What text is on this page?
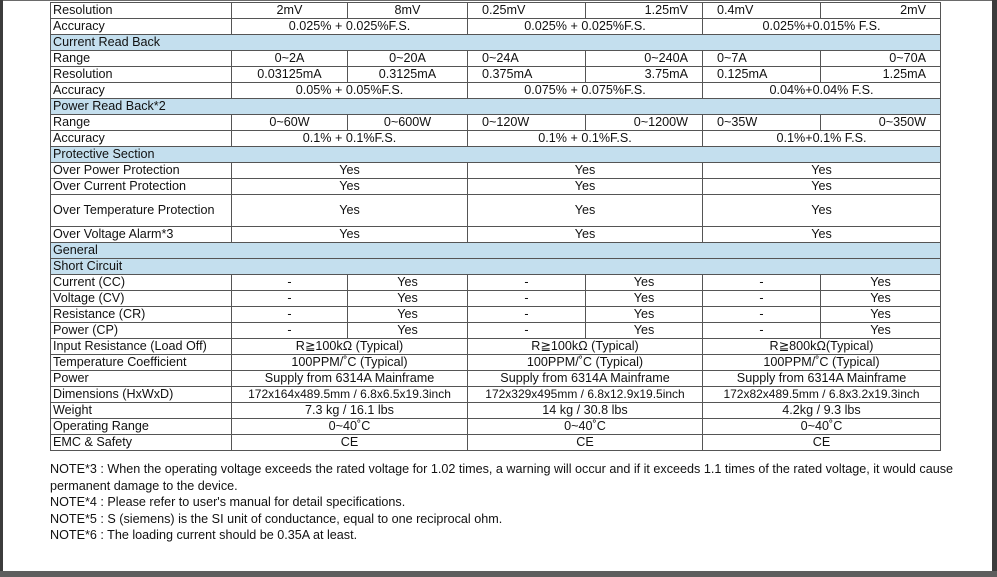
Resolution	2mV	8mV	0.25mV	1.25mV	0.4mV	2mV
Accuracy	0.025% + 0.025%F.S.		0.025% + 0.025%F.S.		0.025%+0.015% F.S.	
Current Read Back						
Range	0~2A	0~20A	0~24A	0~240A	0~7A	0~70A
Resolution	0.03125mA	0.3125mA	0.375mA	3.75mA	0.125mA	1.25mA
Accuracy	0.05% + 0.05%F.S.		0.075% + 0.075%F.S.		0.04%+0.04% F.S.	
Power Read Back*2						
Range	0~60W	0~600W	0~120W	0~1200W	0~35W	0~350W
Accuracy	0.1% + 0.1%F.S.		0.1% + 0.1%F.S.		0.1%+0.1% F.S.	
Protective Section						
Over Power Protection	Yes		Yes		Yes	
Over Current Protection	Yes		Yes		Yes	
Over Temperature Protection	Yes		Yes		Yes	
Over Voltage Alarm*3	Yes		Yes		Yes	
General						
Short Circuit						
Current (CC)	-	Yes	-	Yes	-	Yes
Voltage (CV)	-	Yes	-	Yes	-	Yes
Resistance (CR)	-	Yes	-	Yes	-	Yes
Power (CP)	-	Yes	-	Yes	-	Yes
Input Resistance (Load Off)	R≧100kΩ (Typical)		R≧100kΩ (Typical)		R≧800kΩ(Typical)	
Temperature Coefficient	100PPM/˚C (Typical)		100PPM/˚C (Typical)		100PPM/˚C (Typical)	
Power	Supply from 6314A Mainframe		Supply from 6314A Mainframe		Supply from 6314A Mainframe	
Dimensions (HxWxD)	172x164x489.5mm / 6.8x6.5x19.3inch		172x329x495mm / 6.8x12.9x19.5inch		172x82x489.5mm / 6.8x3.2x19.3inch	
Weight	7.3 kg / 16.1 lbs		14 kg / 30.8 lbs		4.2kg / 9.3 lbs	
Operating Range	0~40˚C		0~40˚C		0~40˚C	
EMC & Safety	CE		CE		CE	
NOTE*3 : When the operating voltage exceeds the rated voltage for 1.02 times, a warning will occur and if it exceeds 1.1 times of the rated voltage, it would cause permanent damage to the device.
NOTE*4 : Please refer to user's manual for detail specifications.
NOTE*5 : S (siemens) is the SI unit of conductance, equal to one reciprocal ohm.
NOTE*6 : The loading current should be 0.35A at least.
